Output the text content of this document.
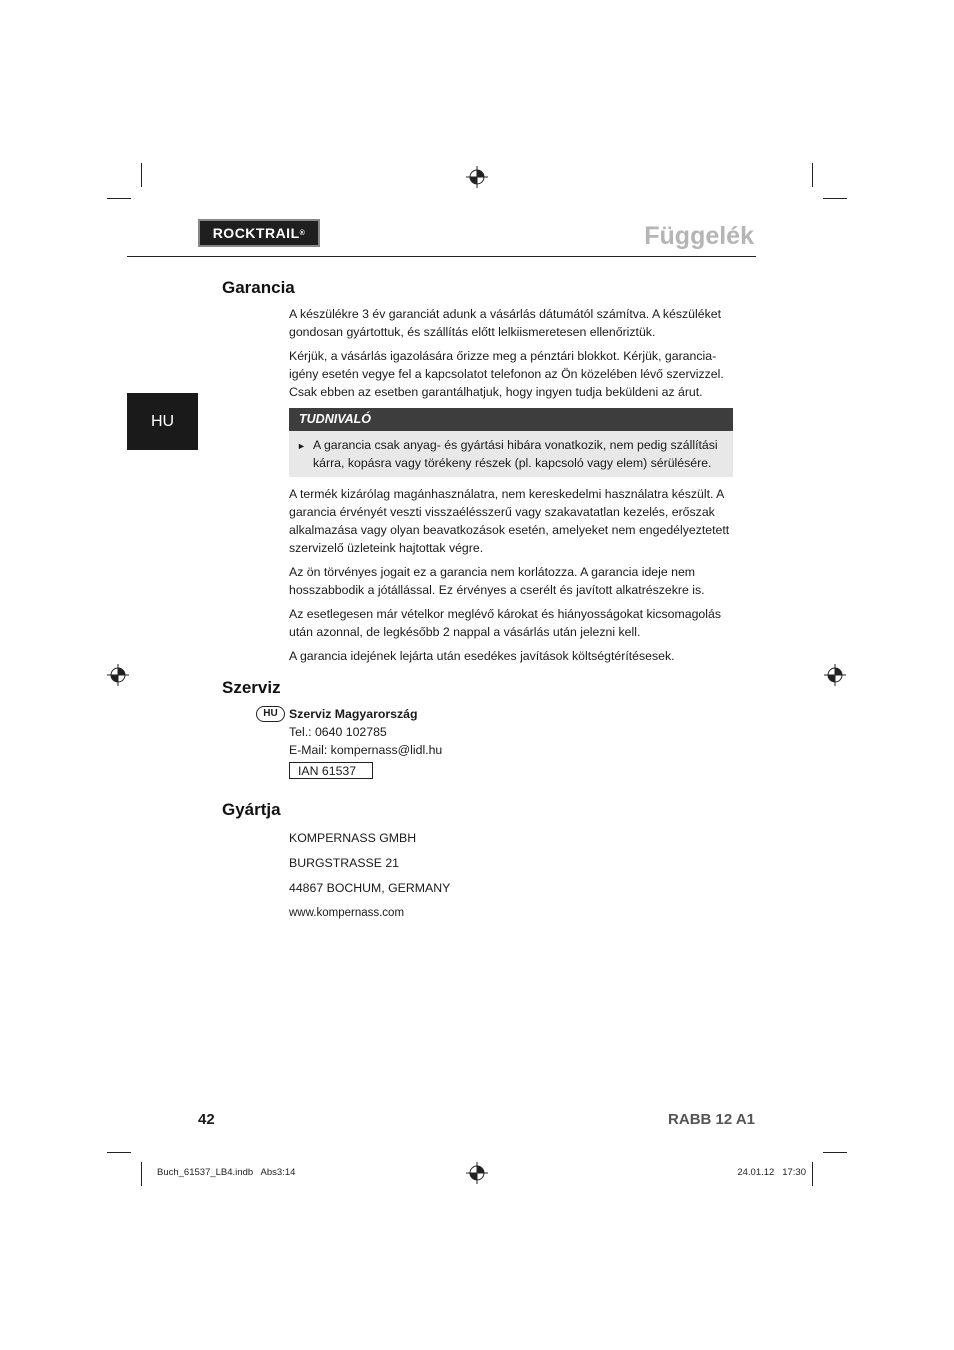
ROCKTRAIL ®	Függelék
HU
Garancia

A készülékre 3 év garanciát adunk a vásárlás dátumától számítva. A készüléket gondosan gyártottuk, és szállítás előtt lelkiismeretesen ellenőriztük.

Kérjük, a vásárlás igazolására őrizze meg a pénztári blokkot. Kérjük, garancia-igény esetén vegye fel a kapcsolatot telefonon az Ön közelében lévő szervizzel. Csak ebben az esetben garantálhatjuk, hogy ingyen tudja beküldeni az árut.

TUDNIVALÓ
► A garancia csak anyag- és gyártási hibára vonatkozik, nem pedig szállítási kárra, kopásra vagy törékeny részek (pl. kapcsoló vagy elem) sérülésére.

A termék kizárólag magánhasználatra, nem kereskedelmi használatra készült. A garancia érvényét veszti visszaélésszerű vagy szakavatatlan kezelés, erőszak alkalmazása vagy olyan beavatkozások esetén, amelyeket nem engedélyeztetett szervizelő üzleteink hajtottak végre.

Az ön törvényes jogait ez a garancia nem korlátozza. A garancia ideje nem hosszabbodik a jótállással. Ez érvényes a cserélt és javított alkatrészekre is.

Az esetlegesen már vételkor meglévő károkat és hiányosságokat kicsomagolás után azonnal, de legkésőbb 2 nappal a vásárlás után jelezni kell.

A garancia idejének lejárta után esedékes javítások költségtérítésesek.

Szerviz
HU Szerviz Magyarország
Tel.: 0640 102785
E-Mail: kompernass@lidl.hu
IAN 61537
Gyártja
KOMPERNASS GMBH
BURGSTRASSE 21
44867 BOCHUM, GERMANY
www.kompernass.com
42	RABB 12 A1
Buch_61537_LB4.indb   Abs3:14	24.01.12   17:30
